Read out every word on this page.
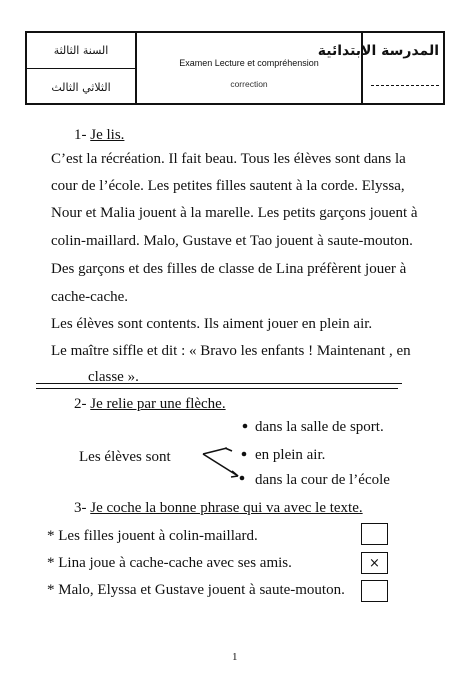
السنة الثالثة
الثلاثي الثالث
Examen Lecture et compréhension
correction
المدرسة الابتدائية
1- Je lis.
C’est la récréation. Il fait beau. Tous les élèves sont dans la
cour de l’école. Les petites filles sautent à la corde. Elyssa,
Nour et Malia jouent à la marelle. Les petits garçons jouent à
colin-maillard. Malo, Gustave et Tao jouent à saute-mouton.
Des garçons et des filles de classe de Lina préfèrent jouer à
cache-cache.
Les élèves sont contents. Ils aiment jouer en plein air.
Le maître siffle et dit : « Bravo les enfants ! Maintenant , en
classe ».
2- Je relie par une flèche.
Les élèves sont
dans la salle de sport.
en plein air.
dans la cour de l’école
3- Je coche la bonne phrase qui va avec le texte.
* Les filles jouent à colin-maillard.
* Lina joue à cache-cache avec ses amis.
* Malo, Elyssa et Gustave jouent à saute-mouton.
×
1
